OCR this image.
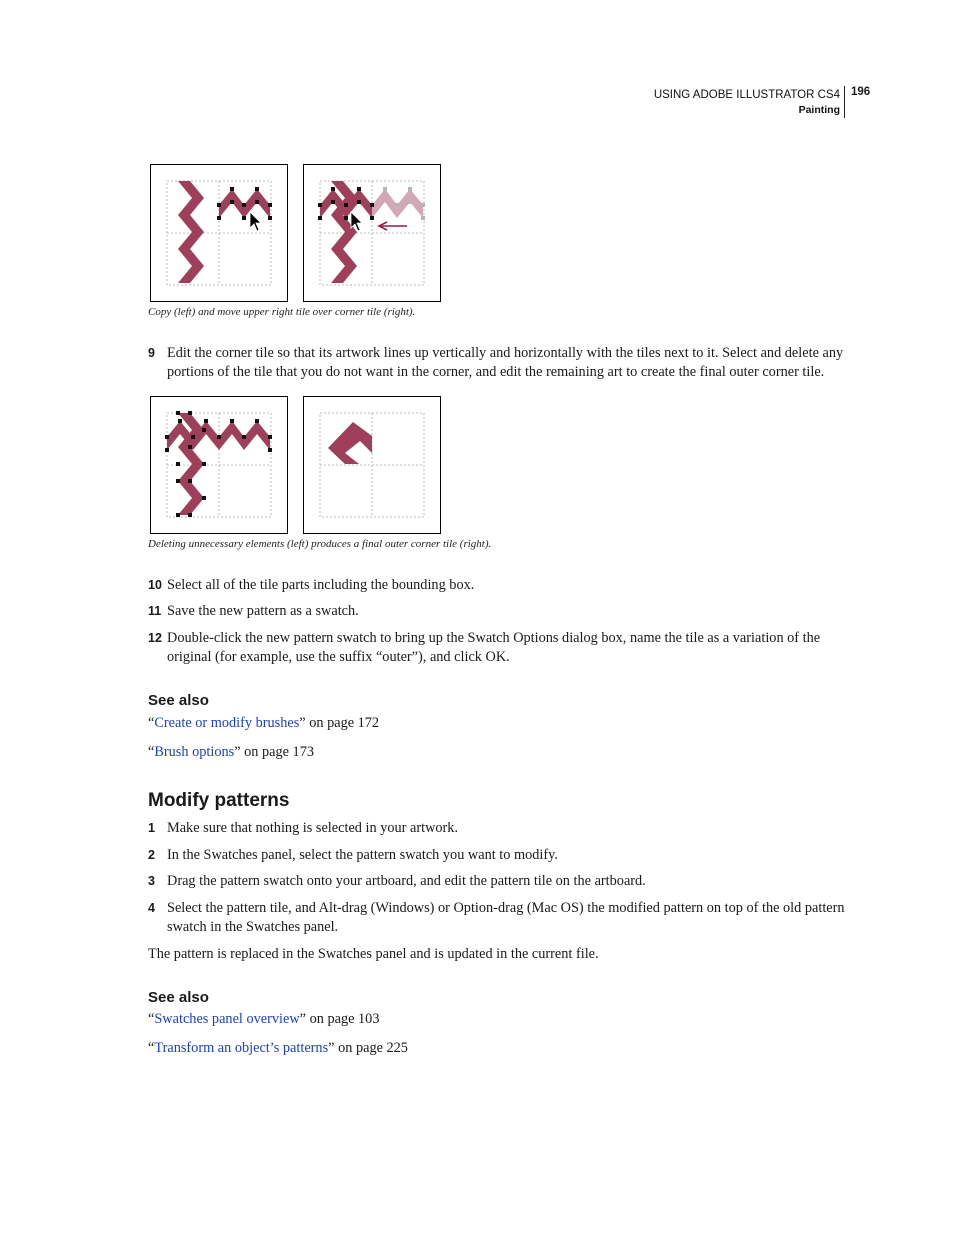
USING ADOBE ILLUSTRATOR CS4
Painting
196
Copy (left) and move upper right tile over corner tile (right).
9 Edit the corner tile so that its artwork lines up vertically and horizontally with the tiles next to it. Select and delete any portions of the tile that you do not want in the corner, and edit the remaining art to create the final outer corner tile.
Deleting unnecessary elements (left) produces a final outer corner tile (right).
10 Select all of the tile parts including the bounding box.
11 Save the new pattern as a swatch.
12 Double-click the new pattern swatch to bring up the Swatch Options dialog box, name the tile as a variation of the original (for example, use the suffix “outer”), and click OK.
See also
“Create or modify brushes” on page 172
“Brush options” on page 173
Modify patterns
1 Make sure that nothing is selected in your artwork.
2 In the Swatches panel, select the pattern swatch you want to modify.
3 Drag the pattern swatch onto your artboard, and edit the pattern tile on the artboard.
4 Select the pattern tile, and Alt-drag (Windows) or Option-drag (Mac OS) the modified pattern on top of the old pattern swatch in the Swatches panel.
The pattern is replaced in the Swatches panel and is updated in the current file.
See also
“Swatches panel overview” on page 103
“Transform an object’s patterns” on page 225
